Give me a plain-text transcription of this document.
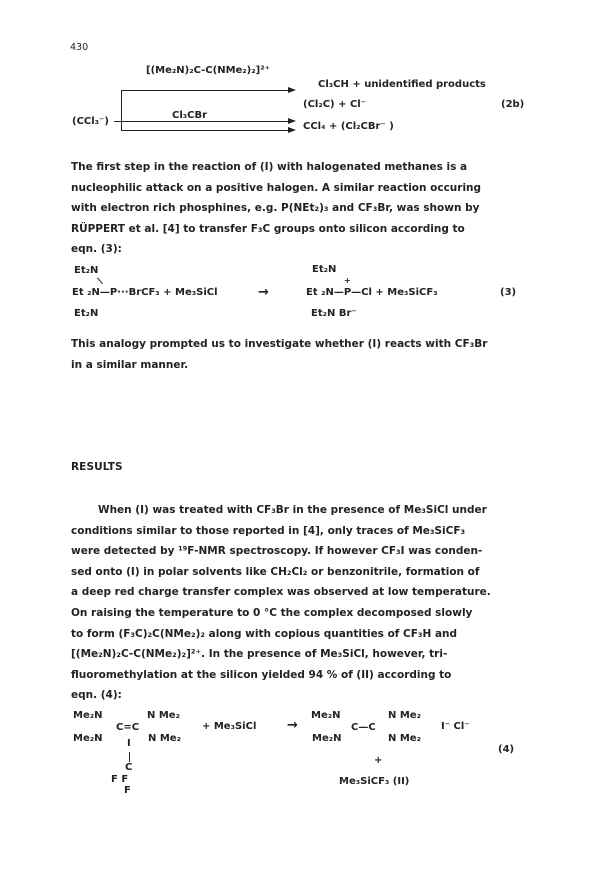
430
[(Me₂N)₂C-C(NMe₂)₂]²⁺
(CCl₃⁻)
Cl₃CBr
Cl₃CH + unidentified products
(Cl₂C) + Cl⁻
CCl₄ + (Cl₂CBr⁻ )
(2b)
The first step in the reaction of (I) with halogenated methanes is a
nucleophilic attack on a positive halogen. A similar reaction occuring
with electron rich phosphines, e.g. P(NEt₂)₃ and CF₃Br, was shown by
RÜPPERT et al. [4] to transfer F₃C groups onto silicon according to
eqn. (3):
Et₂N
Et ₂N—P···BrCF₃ + Me₃SiCl
Et₂N
→
Et₂N
+
Et ₂N—P—Cl + Me₃SiCF₃
Et₂N Br⁻
(3)
This analogy prompted us to investigate whether (I) reacts with CF₃Br
in a similar manner.
RESULTS
When (I) was treated with CF₃Br in the presence of Me₃SiCl under
conditions similar to those reported in [4], only traces of Me₃SiCF₃
were detected by ¹⁹F-NMR spectroscopy. If however CF₃I was conden-
sed onto (I) in polar solvents like CH₂Cl₂ or benzonitrile, formation of
a deep red charge transfer complex was observed at low temperature.
On raising the temperature to 0 °C the complex decomposed slowly
to form (F₃C)₂C(NMe₂)₂ along with copious quantities of CF₃H and
[(Me₂N)₂C-C(NMe₂)₂]²⁺. In the presence of Me₃SiCl, however, tri-
fluoromethylation at the silicon yielded 94 % of (II) according to
eqn. (4):
Me₂N	N Me₂
C=C
Me₂N	N Me₂
I
C
F F
F
+ Me₃SiCl →
Me₂N	N Me₂
C—C
Me₂N	N Me₂
I⁻ Cl⁻
+
Me₃SiCF₃ (II)
(4)
